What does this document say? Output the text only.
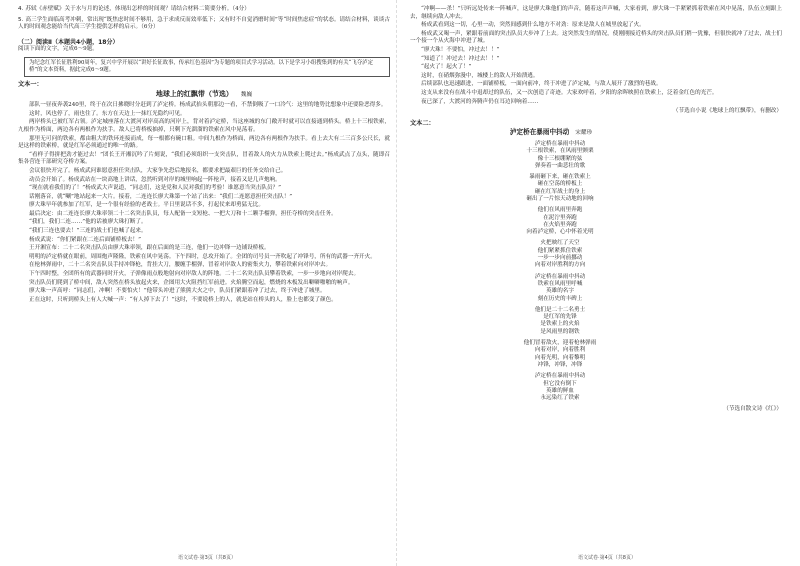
4. 苏轼《赤壁赋》关于水与月的论述，体现出怎样的时间观？请结合材料二简要分析。（4分）
5. 高三学生面临高考冲刺，常出现“既焦虑时间不够用，急于求成反而效率低下；又有时不自觉消磨时间”等“时间焦虑症”的状态。请结合材料，谈谈古人的时间观念能给当代高三学生提供怎样的启示。（6分）
（二）阅读Ⅱ（本题共4小题，18分）
阅读下面的文字，完成6～9题。
为纪念红军长征胜利90周年，复兴中学开展以“讲好长征故事，传承红色基因”为专题的项目式学习活动。以下是学习小组搜集到的有关“飞夺泸定桥”的文本资料，据此完成6～9题。
文本一：
地球上的红飘带（节选） 魏巍

部队一昼夜奔袭240里，终于在次日拂晓时分赶到了泸定桥。杨成武抬头朝那边一看，不禁倒吸了一口冷气：这里的地势比想象中还要险恶得多。

这时，风也停了，雨也住了。东方在天边上一抹红光隐约可见。

两岸桥头已被红军占领。泸定城座落在大渡河对岸高高的河岸上，背对着泸定桥，当这座城的东门敞开时就可以直接通到桥头。桥上十三根铁索，九根作为桥面，两边各有两根作为扶手。敌人已将桥板抽掉，只剩下光溜溜的铁索在风中晃荡着。

那里无可问的铁索，都由粗大的铁环连接而成，每一根都有碗口粗。中间九根作为桥面，两边各有两根作为扶手。看上去大有二三百多公尺长，就是这样的铁索桥，就是红军必须通过的唯一的路。

“看样子得拼把劲才能过去！”团长王开湘沉吟了片刻说，“我们必须组织一支突击队，冒着敌人的火力从铁索上爬过去。”杨成武点了点头，随即召集各营连干部研究夺桥方案。

会议很快开完了。杨成武问谁愿意担任突击队，大家争先恐后地报名，都要求把最艰巨的任务交给自己。

动员会开始了。杨成武站在一块高地上讲话，忽然听到对岸的城里响起一阵枪声，接着又是几声炮响。

“现在就看我们的了！”杨成武大声说道，“同志们，这是党和人民对我们的考验！谁愿意当突击队员？”

话刚落音，就“唰”地站起来一大片。接着，二连连长廖大珠第一个站了出来：“我们二连愿意担任突击队！”

廖大珠早年就参加了红军，是一个很有经验的老战士。平日里说话不多，打起仗来却勇猛无比。

最后决定：由二连连长廖大珠率领二十二名突击队员，每人配备一支短枪、一把大刀和十二颗手榴弹，担任夺桥的突击任务。

“我们，我们二连……”他的话被廖大珠打断了。

“我们三连也要去！”三连的战士们也喊了起来。

杨成武说：“你们紧跟在二连后面铺桥板去！”

王开湘宣布：二十二名突击队员由廖大珠率领，跟在后面的是三连，他们一边冲锋一边铺设桥板。

明明的泸定桥就在眼前，周围炮声隆隆，铁索在风中晃荡。下午四时，总攻开始了。全团的司号员一齐吹起了冲锋号，所有的武器一齐开火。

在枪林弹雨中，二十二名突击队员手持冲锋枪，背挂大刀，腰缠手榴弹，冒着对岸敌人的密集火力，攀着铁索向对岸冲去。

下午四时整，全团所有的武器同时开火，子弹像雨点般地射向对岸敌人的阵地。二十二名突击队员攀着铁索，一步一步地向对岸爬去。

突击队员们爬到了桥中间，敌人突然在桥头放起火来，企图用大火阻挡红军前进。火焰腾空而起，燃烧的木板发出噼噼啪啪的响声。

廖大珠一声高呼：“同志们，冲啊！不要怕火！”他带头冲进了熊熊大火之中，队员们紧跟着冲了过去，终于冲进了城里。

正在这时，只听到桥头上有人大喊一声：“有人掉下去了！”这时，不要说桥上的人，就是站在桥头的人，脸上也都变了颜色。

“冲啊——杀！”只听远处传来一阵喊声，这是廖大珠他们的声音，随着这声声喊，大家看到，廖大珠一手紧紧抓着铁索在风中晃荡，队伍立刻跟上去，继续向敌人冲去。

杨成武看到这一切，心里一动，突然间感到什么地方不对劲：原来是敌人在城里放起了火。

杨成武又喝一声，紧跟着前面的突击队员大步冲了上去。这突然发生的情况，使刚刚接近桥头的突击队员们稍一犹豫，但很快就冲了过去，战士们一个接一个从火海中冲进了城。

“廖大珠！不要怕，冲过去！！”

“知道了！冲过去！冲过去！！”

“起火了！起火了！”

这时，在硝烟弥漫中，城楼上的敌人开始溃逃。

后续部队也迅速跟进，一面铺桥板，一面向前冲，终于冲进了泸定城，与敌人展开了激烈的巷战。

这支从来没有在战斗中退却过的队伍，又一次创造了奇迹。大家欢呼着，夕阳的余晖映照在铁索上，泛着金红色的光芒。

夜已深了，大渡河的奔腾声仍在耳边回响着……

（节选自小说《地球上的红飘带》，有删改）
文本二：
泸定桥在暴雨中抖动 宋耀珍
泸定桥在暴雨中抖动
十三根铁索，在风雨里颤栗
像十三根绷紧的弦
弹奏着一曲悲壮的歌
暴雨砸下来，砸在铁索上
砸在空荡的桥板上
砸在红军战士的身上
砸出了一片惊天动地的回响
他们在风雨里奔跑
在泥泞里奔跑
在火焰里奔跑
向着泸定桥，心中怀着光明
火把映红了天空
他们紧紧抓住铁索
一步一步向前挪动
向着对岸胜利的方向
泸定桥在暴雨中抖动
铁索在风雨里呼喊
英雄的名字
刻在历史的丰碑上
他们是二十二名勇士
是红军的先锋
是铁索上的火焰
是风雨里的钢铁
他们冒着敌火，迎着枪林弹雨
向着对岸，向着胜利
向着光明，向着黎明
冲锋，冲锋，冲锋
泸定桥在暴雨中抖动
但它没有倒下
英雄的鲜血
永远染红了铁索
（节选自散文诗《红》）
语文试卷·第3页（共8页）	语文试卷·第4页（共8页）
